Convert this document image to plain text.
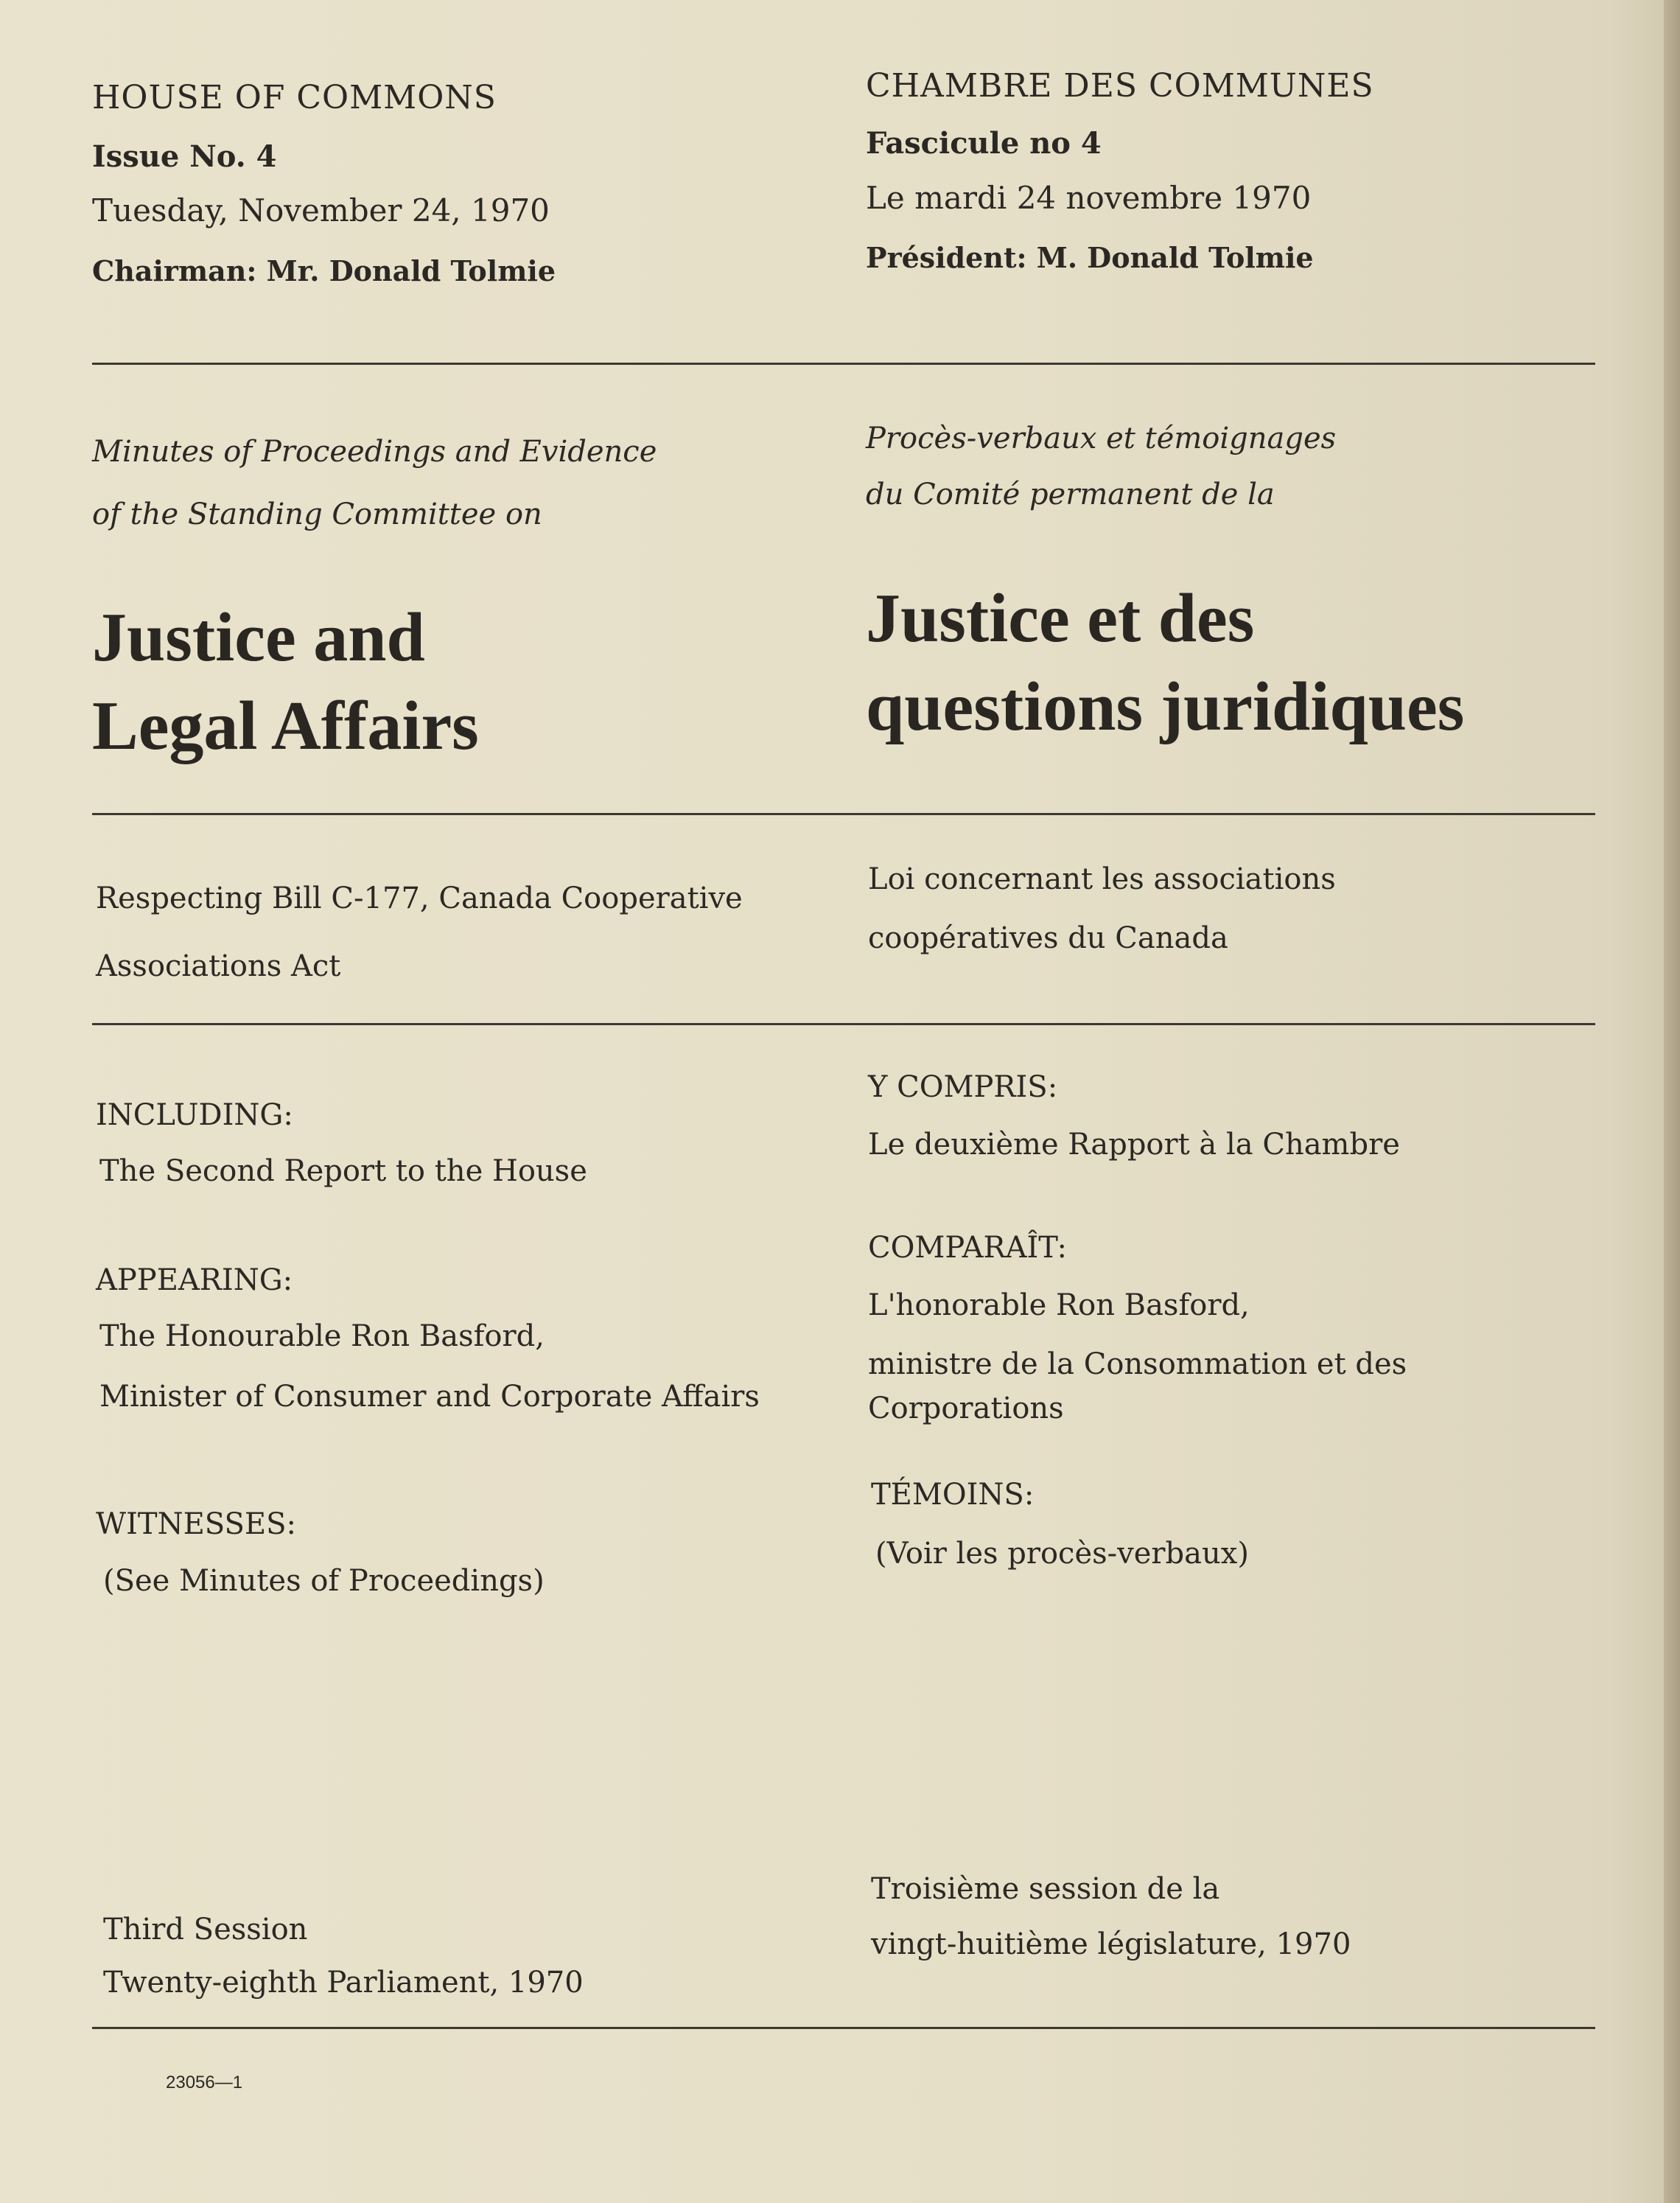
HOUSE OF COMMONS
Issue No. 4
Tuesday, November 24, 1970
Chairman: Mr. Donald Tolmie
Minutes of Proceedings and Evidence
of the Standing Committee on
Justice and
Legal Affairs
Respecting Bill C-177, Canada Cooperative
Associations Act
INCLUDING:
The Second Report to the House
APPEARING:
The Honourable Ron Basford,
Minister of Consumer and Corporate Affairs
WITNESSES:
(See Minutes of Proceedings)
Third Session
Twenty-eighth Parliament, 1970
23056—1
CHAMBRE DES COMMUNES
Fascicule no 4
Le mardi 24 novembre 1970
Président: M. Donald Tolmie
Procès-verbaux et témoignages
du Comité permanent de la
Justice et des
questions juridiques
Loi concernant les associations
coopératives du Canada
Y COMPRIS:
Le deuxième Rapport à la Chambre
COMPARAÎT:
L'honorable Ron Basford,
ministre de la Consommation et des
Corporations
TÉMOINS:
(Voir les procès-verbaux)
Troisième session de la
vingt-huitième législature, 1970
